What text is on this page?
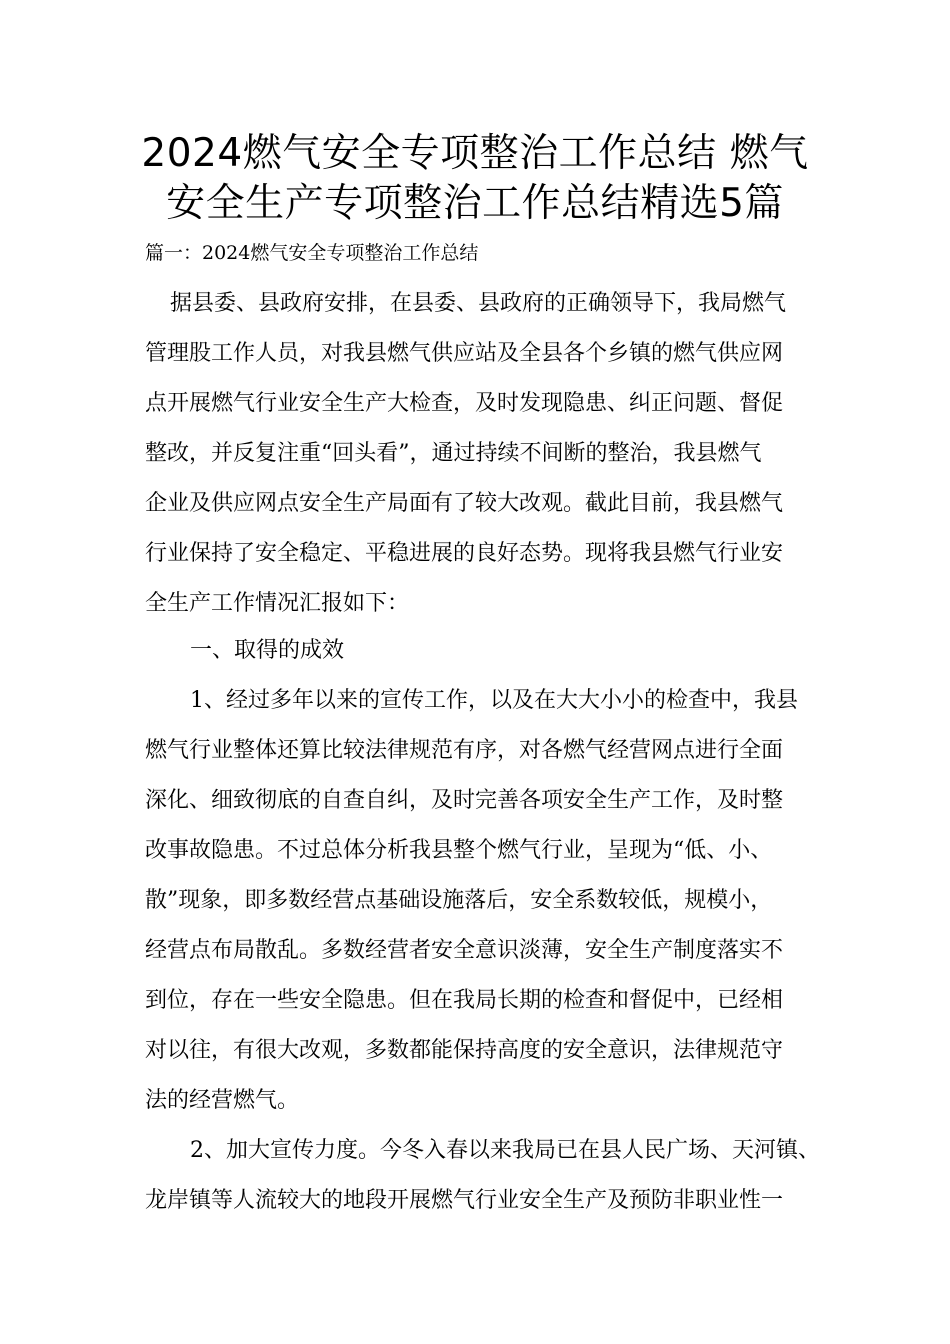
2024燃气安全专项整治工作总结 燃气
安全生产专项整治工作总结精选5篇
篇一：2024燃气安全专项整治工作总结
据县委、县政府安排，在县委、县政府的正确领导下，我局燃气
管理股工作人员，对我县燃气供应站及全县各个乡镇的燃气供应网
点开展燃气行业安全生产大检查，及时发现隐患、纠正问题、督促
整改，并反复注重“回头看”，通过持续不间断的整治，我县燃气
企业及供应网点安全生产局面有了较大改观。截此目前，我县燃气
行业保持了安全稳定、平稳进展的良好态势。现将我县燃气行业安
全生产工作情况汇报如下：
一、取得的成效
1、经过多年以来的宣传工作，以及在大大小小的检查中，我县
燃气行业整体还算比较法律规范有序，对各燃气经营网点进行全面
深化、细致彻底的自查自纠，及时完善各项安全生产工作，及时整
改事故隐患。不过总体分析我县整个燃气行业，呈现为“低、小、
散”现象，即多数经营点基础设施落后，安全系数较低，规模小，
经营点布局散乱。多数经营者安全意识淡薄，安全生产制度落实不
到位，存在一些安全隐患。但在我局长期的检查和督促中，已经相
对以往，有很大改观，多数都能保持高度的安全意识，法律规范守
法的经营燃气。
2、加大宣传力度。今冬入春以来我局已在县人民广场、天河镇、
龙岸镇等人流较大的地段开展燃气行业安全生产及预防非职业性一
